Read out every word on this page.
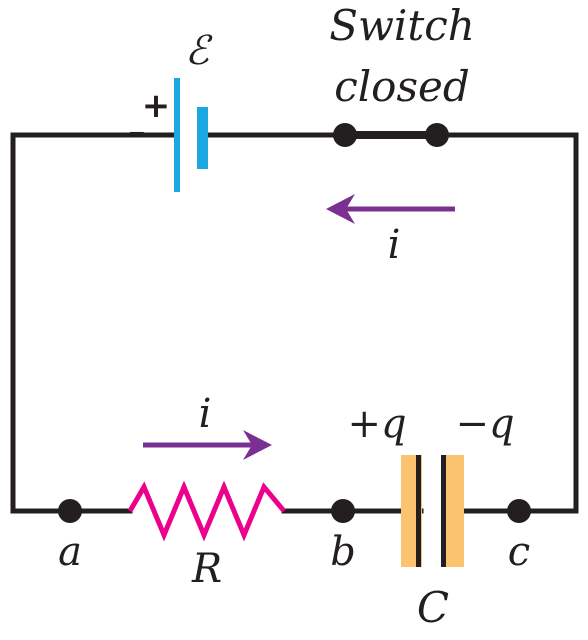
ℰ
+
−
Switch
closed
i
i
R
C
+q −q
a	b	c
